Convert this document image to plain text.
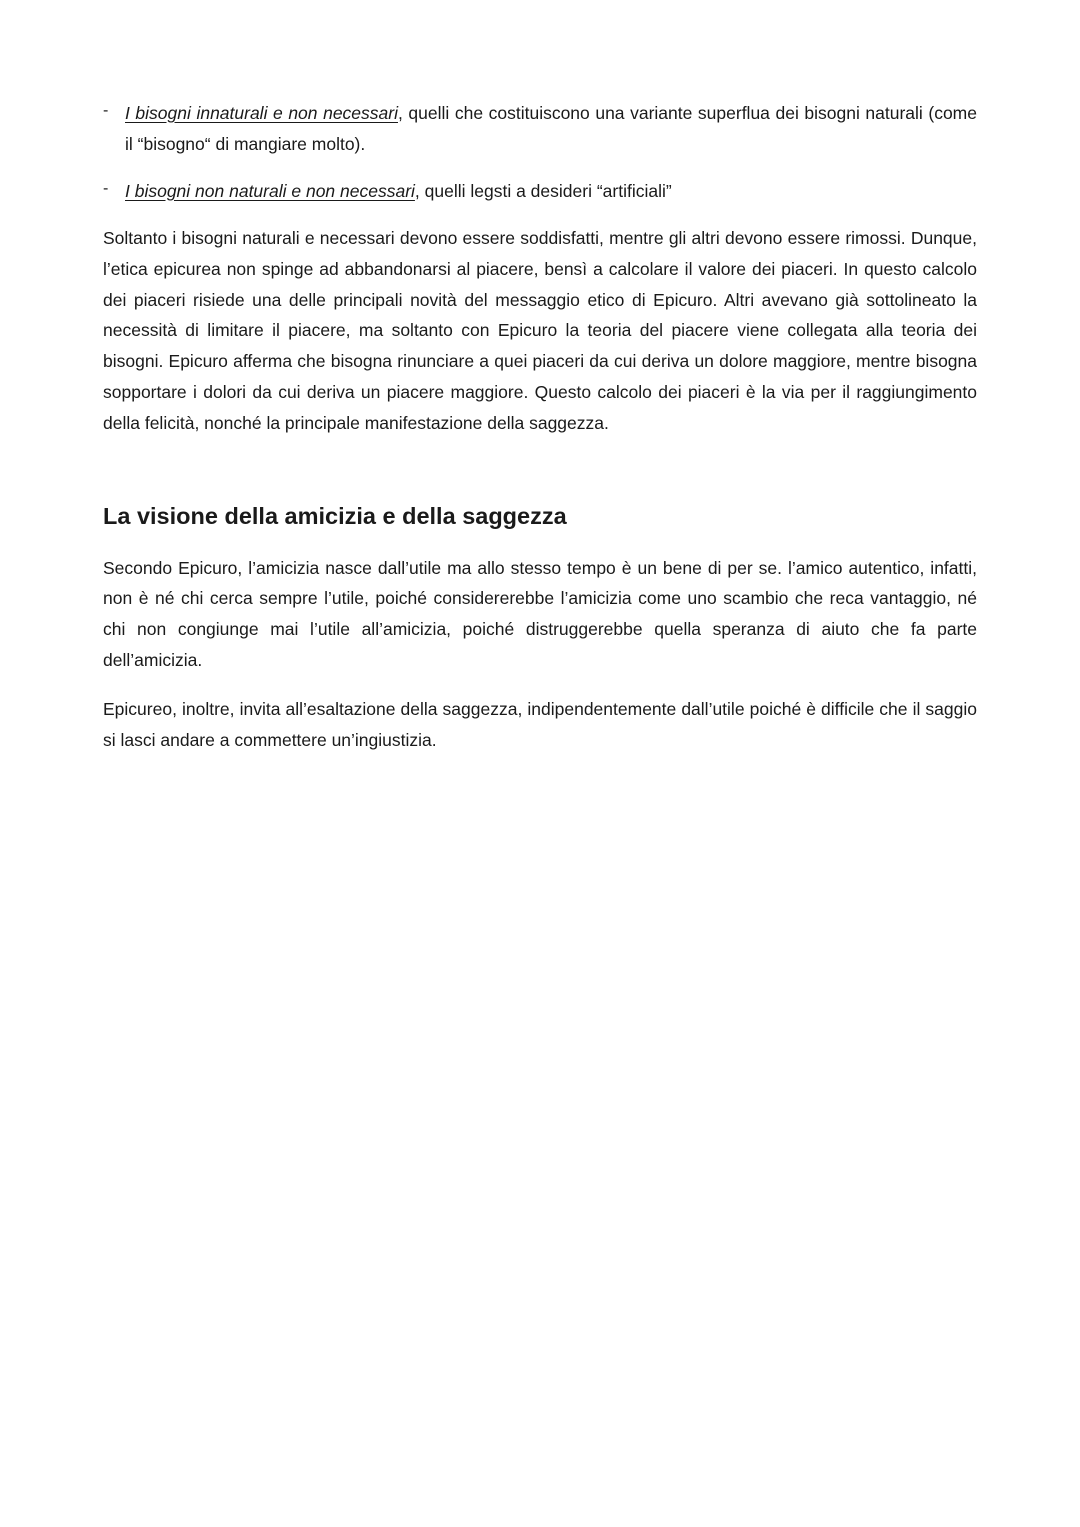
- I bisogni innaturali e non necessari, quelli che costituiscono una variante superflua dei bisogni naturali (come il “bisogno“ di mangiare molto).
- I bisogni non naturali e non necessari, quelli legsti a desideri “artificiali”

Soltanto i bisogni naturali e necessari devono essere soddisfatti, mentre gli altri devono essere rimossi. Dunque, l’etica epicurea non spinge ad abbandonarsi al piacere, bensì a calcolare il valore dei piaceri. In questo calcolo dei piaceri risiede una delle principali novità del messaggio etico di Epicuro. Altri avevano già sottolineato la necessità di limitare il piacere, ma soltanto con Epicuro la teoria del piacere viene collegata alla teoria dei bisogni. Epicuro afferma che bisogna rinunciare a quei piaceri da cui deriva un dolore maggiore, mentre bisogna sopportare i dolori da cui deriva un piacere maggiore. Questo calcolo dei piaceri è la via per il raggiungimento della felicità, nonché la principale manifestazione della saggezza.

La visione della amicizia e della saggezza

Secondo Epicuro, l’amicizia nasce dall’utile ma allo stesso tempo è un bene di per se. l’amico autentico, infatti, non è né chi cerca sempre l’utile, poiché considererebbe l’amicizia come uno scambio che reca vantaggio, né chi non congiunge mai l’utile all’amicizia, poiché distruggerebbe quella speranza di aiuto che fa parte dell’amicizia.

Epicureo, inoltre, invita all’esaltazione della saggezza, indipendentemente dall’utile poiché è difficile che il saggio si lasci andare a commettere un’ingiustizia.
